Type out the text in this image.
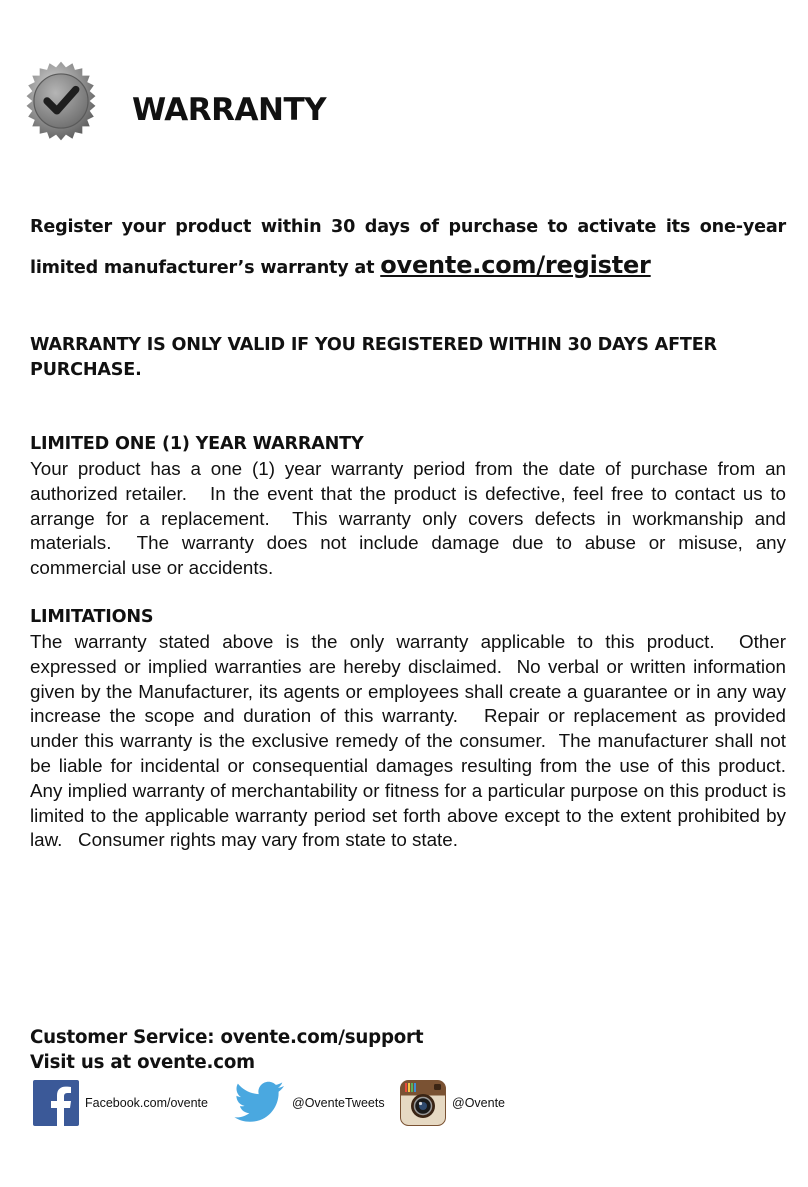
WARRANTY
Register your product within 30 days of purchase to activate its one-year limited manufacturer’s warranty at ovente.com/register
WARRANTY IS ONLY VALID IF YOU REGISTERED WITHIN 30 DAYS AFTER PURCHASE.
LIMITED ONE (1) YEAR WARRANTY
Your product has a one (1) year warranty period from the date of purchase from an authorized retailer.   In the event that the product is defective, feel free to contact us to arrange for a replacement.  This warranty only covers defects in workmanship and materials.  The warranty does not include damage due to abuse or misuse, any commercial use or accidents.
LIMITATIONS
The warranty stated above is the only warranty applicable to this product.  Other expressed or implied warranties are hereby disclaimed.  No verbal or written information given by the Manufacturer, its agents or employees shall create a guarantee or in any way increase the scope and duration of this warranty.   Repair or replacement as provided under this warranty is the exclusive remedy of the consumer.  The manufacturer shall not be liable for incidental or consequential damages resulting from the use of this product.  Any implied warranty of merchantability or fitness for a particular purpose on this product is limited to the applicable warranty period set forth above except to the extent prohibited by law.   Consumer rights may vary from state to state.
Customer Service: ovente.com/support
Visit us at ovente.com
Facebook.com/ovente	@OventeTweets	@Ovente
